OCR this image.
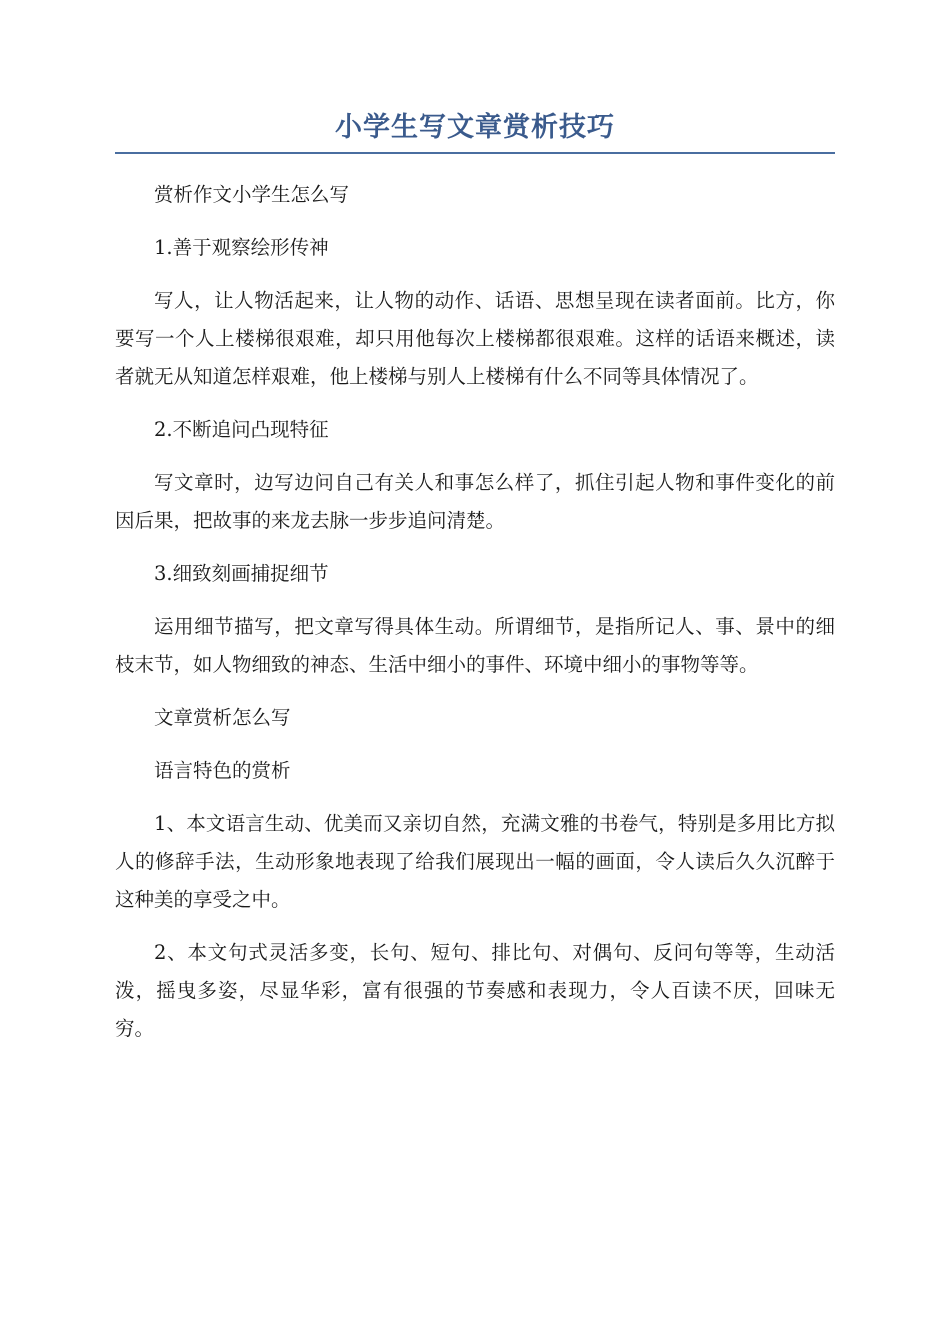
小学生写文章赏析技巧

赏析作文小学生怎么写

1.善于观察绘形传神

写人，让人物活起来，让人物的动作、话语、思想呈现在读者面前。比方，你要写一个人上楼梯很艰难，却只用他每次上楼梯都很艰难。这样的话语来概述，读者就无从知道怎样艰难，他上楼梯与别人上楼梯有什么不同等具体情况了。

2.不断追问凸现特征

写文章时，边写边问自己有关人和事怎么样了，抓住引起人物和事件变化的前因后果，把故事的来龙去脉一步步追问清楚。

3.细致刻画捕捉细节

运用细节描写，把文章写得具体生动。所谓细节，是指所记人、事、景中的细枝末节，如人物细致的神态、生活中细小的事件、环境中细小的事物等等。

文章赏析怎么写

语言特色的赏析

1、本文语言生动、优美而又亲切自然，充满文雅的书卷气，特别是多用比方拟人的修辞手法，生动形象地表现了给我们展现出一幅的画面，令人读后久久沉醉于这种美的享受之中。

2、本文句式灵活多变，长句、短句、排比句、对偶句、反问句等等，生动活泼，摇曳多姿，尽显华彩，富有很强的节奏感和表现力，令人百读不厌，回味无穷。
